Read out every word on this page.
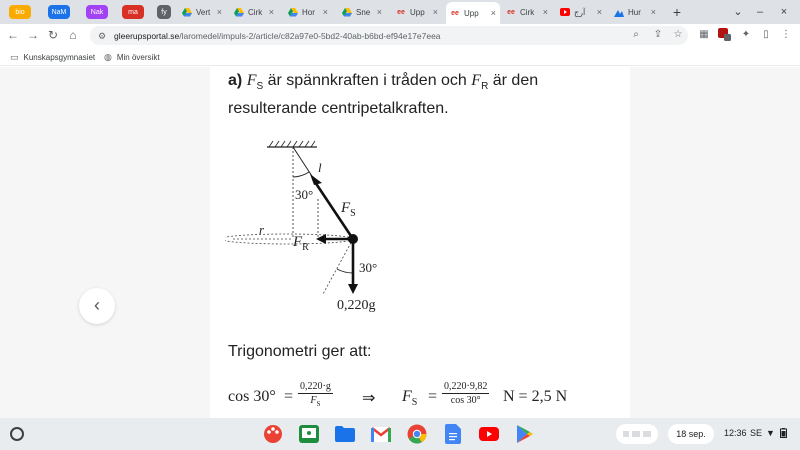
bio	NaM	Nak	ma	fy	Vert ×	Cirk ×	Hor ×	Sne × ee Upp × ee Upp × ee Cirk ×	آرج ×	Hur ×	+	⌄	–	×
← → ↻ ⌂	⚙ gleerupsportal.se /laromedel/impuls-2/article/c82a97e0-5bd2-40ab-b6bd-ef94e17e7eea	⌕	⇪	☆	▦	✦	▯	⋮
▭ Kunskapsgymnasiet ◍ Min översikt
‹
a) $F_S$ är spännkraften i tråden och $F_R$ är den
resulterande centripetalkraften.
l
30°
$F_S$
$F_R$
r
30°
0,220g
Trigonometri ger att:
$\cos 30^\circ = \frac{0,220\cdot g}{F_S}$ ⇒ $F_S = \frac{0,220\cdot 9,82}{\cos 30^\circ}$ N = 2,5 N
18 sep.	12:36 SE ▼
